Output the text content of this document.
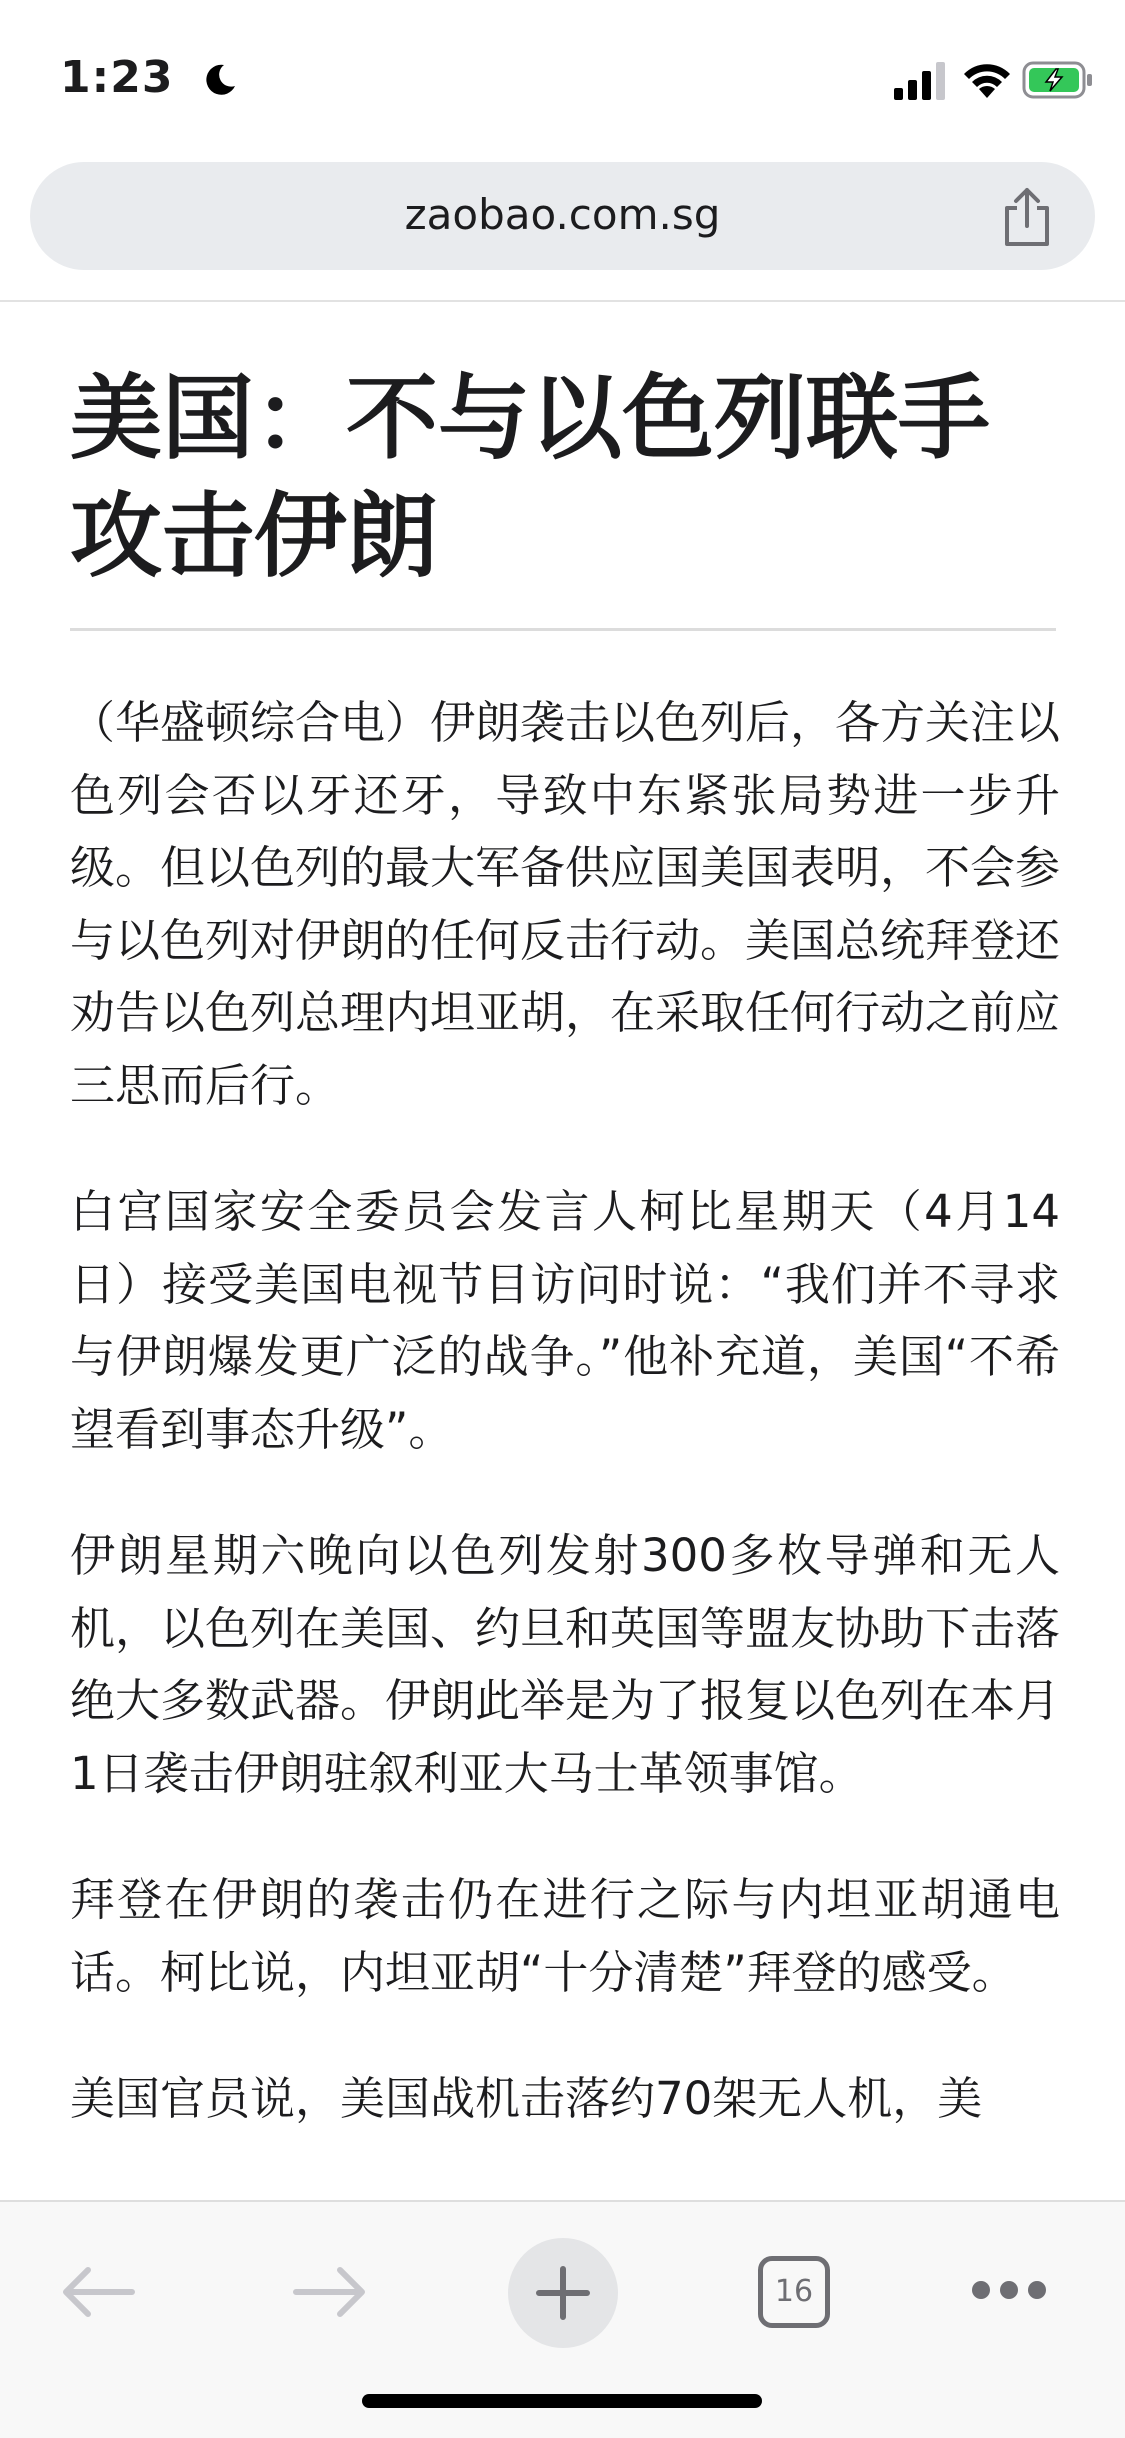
1:23
zaobao.com.sg
美国：不与以色列联手攻击伊朗

（华盛顿综合电）伊朗袭击以色列后，各方关注以色列会否以牙还牙，导致中东紧张局势进一步升级。但以色列的最大军备供应国美国表明，不会参与以色列对伊朗的任何反击行动。美国总统拜登还劝告以色列总理内坦亚胡，在采取任何行动之前应三思而后行。

白宫国家安全委员会发言人柯比星期天（4月14日）接受美国电视节目访问时说：“我们并不寻求与伊朗爆发更广泛的战争。”他补充道，美国“不希望看到事态升级”。

伊朗星期六晚向以色列发射300多枚导弹和无人机，以色列在美国、约旦和英国等盟友协助下击落绝大多数武器。伊朗此举是为了报复以色列在本月1日袭击伊朗驻叙利亚大马士革领事馆。

拜登在伊朗的袭击仍在进行之际与内坦亚胡通电话。柯比说，内坦亚胡“十分清楚”拜登的感受。

美国官员说，美国战机击落约70架无人机，美

16
